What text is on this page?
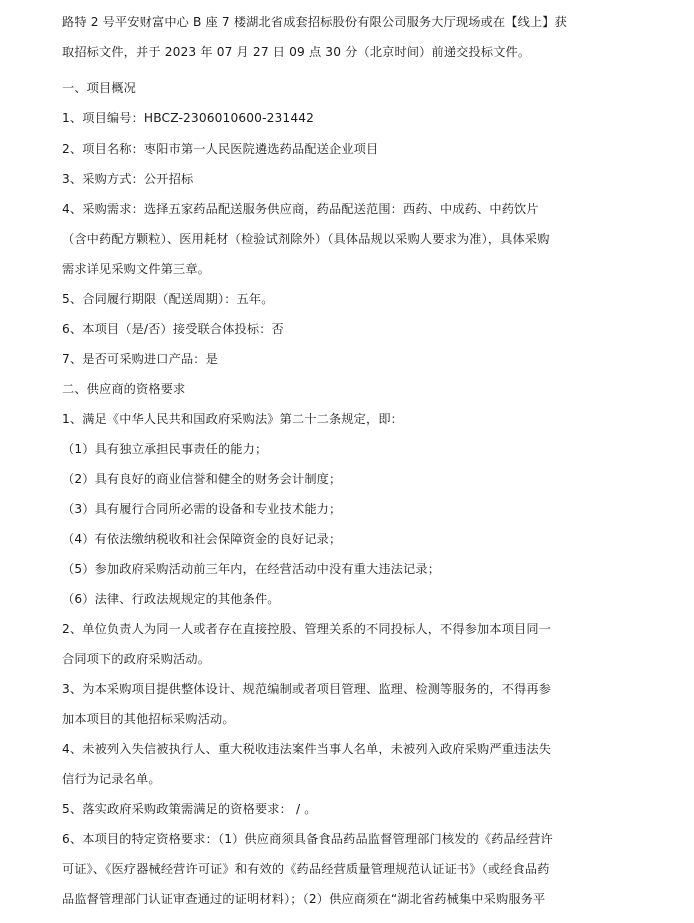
路特 2 号平安财富中心 B 座 7 楼湖北省成套招标股份有限公司服务大厅现场或在【线上】获
取招标文件，并于 2023 年 07 月 27 日 09 点 30 分（北京时间）前递交投标文件。
一、项目概况
1、项目编号：HBCZ-2306010600-231442
2、项目名称：枣阳市第一人民医院遴选药品配送企业项目
3、采购方式：公开招标
4、采购需求：选择五家药品配送服务供应商，药品配送范围：西药、中成药、中药饮片
（含中药配方颗粒）、医用耗材（检验试剂除外）（具体品规以采购人要求为准），具体采购
需求详见采购文件第三章。
5、合同履行期限（配送周期）：五年。
6、本项目（是/否）接受联合体投标：否
7、是否可采购进口产品：是
二、供应商的资格要求
1、满足《中华人民共和国政府采购法》第二十二条规定，即：
（1）具有独立承担民事责任的能力；
（2）具有良好的商业信誉和健全的财务会计制度；
（3）具有履行合同所必需的设备和专业技术能力；
（4）有依法缴纳税收和社会保障资金的良好记录；
（5）参加政府采购活动前三年内，在经营活动中没有重大违法记录；
（6）法律、行政法规规定的其他条件。
2、单位负责人为同一人或者存在直接控股、管理关系的不同投标人，不得参加本项目同一
合同项下的政府采购活动。
3、为本采购项目提供整体设计、规范编制或者项目管理、监理、检测等服务的，不得再参
加本项目的其他招标采购活动。
4、未被列入失信被执行人、重大税收违法案件当事人名单，未被列入政府采购严重违法失
信行为记录名单。
5、落实政府采购政策需满足的资格要求： / 。
6、本项目的特定资格要求：（1）供应商须具备食品药品监督管理部门核发的《药品经营许
可证》、《医疗器械经营许可证》和有效的《药品经营质量管理规范认证证书》（或经食品药
品监督管理部门认证审查通过的证明材料）；（2）供应商须在“湖北省药械集中采购服务平
